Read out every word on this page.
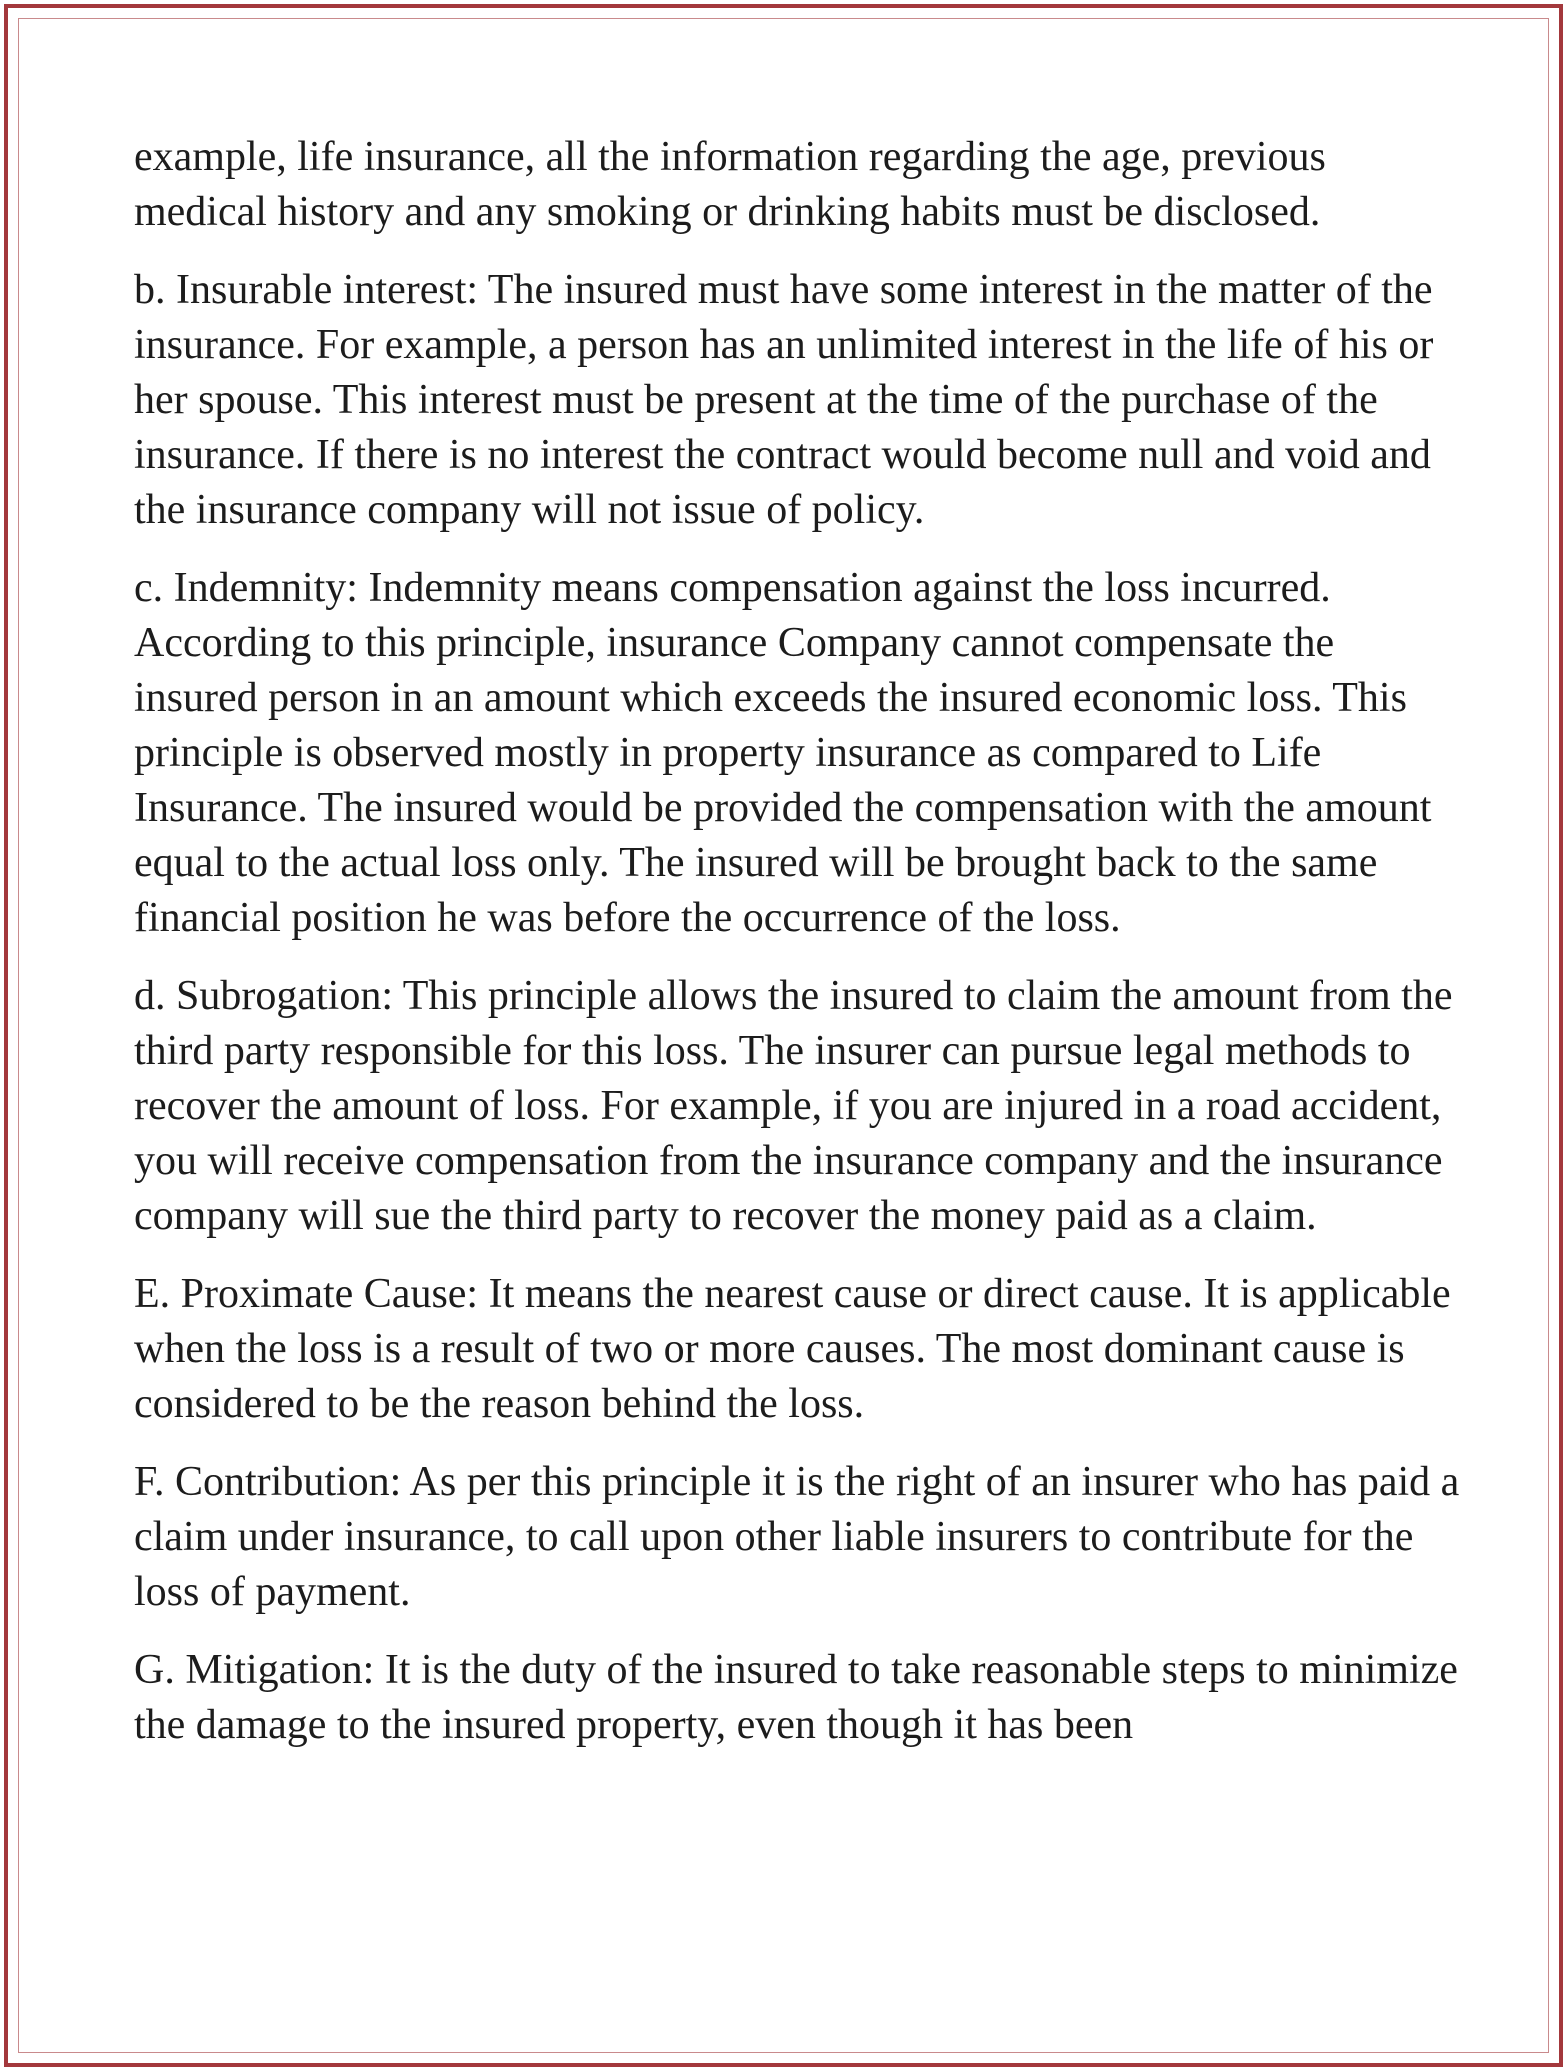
example, life insurance, all the information regarding the age, previous medical history and any smoking or drinking habits must be disclosed.

b. Insurable interest: The insured must have some interest in the matter of the insurance. For example, a person has an unlimited interest in the life of his or her spouse. This interest must be present at the time of the purchase of the insurance. If there is no interest the contract would become null and void and the insurance company will not issue of policy.

c. Indemnity: Indemnity means compensation against the loss incurred. According to this principle, insurance Company cannot compensate the insured person in an amount which exceeds the insured economic loss. This principle is observed mostly in property insurance as compared to Life Insurance. The insured would be provided the compensation with the amount equal to the actual loss only. The insured will be brought back to the same financial position he was before the occurrence of the loss.

d. Subrogation: This principle allows the insured to claim the amount from the third party responsible for this loss. The insurer can pursue legal methods to recover the amount of loss. For example, if you are injured in a road accident, you will receive compensation from the insurance company and the insurance company will sue the third party to recover the money paid as a claim.

E. Proximate Cause: It means the nearest cause or direct cause. It is applicable when the loss is a result of two or more causes. The most dominant cause is considered to be the reason behind the loss.

F. Contribution: As per this principle it is the right of an insurer who has paid a claim under insurance, to call upon other liable insurers to contribute for the loss of payment.

G. Mitigation: It is the duty of the insured to take reasonable steps to minimize the damage to the insured property, even though it has been
